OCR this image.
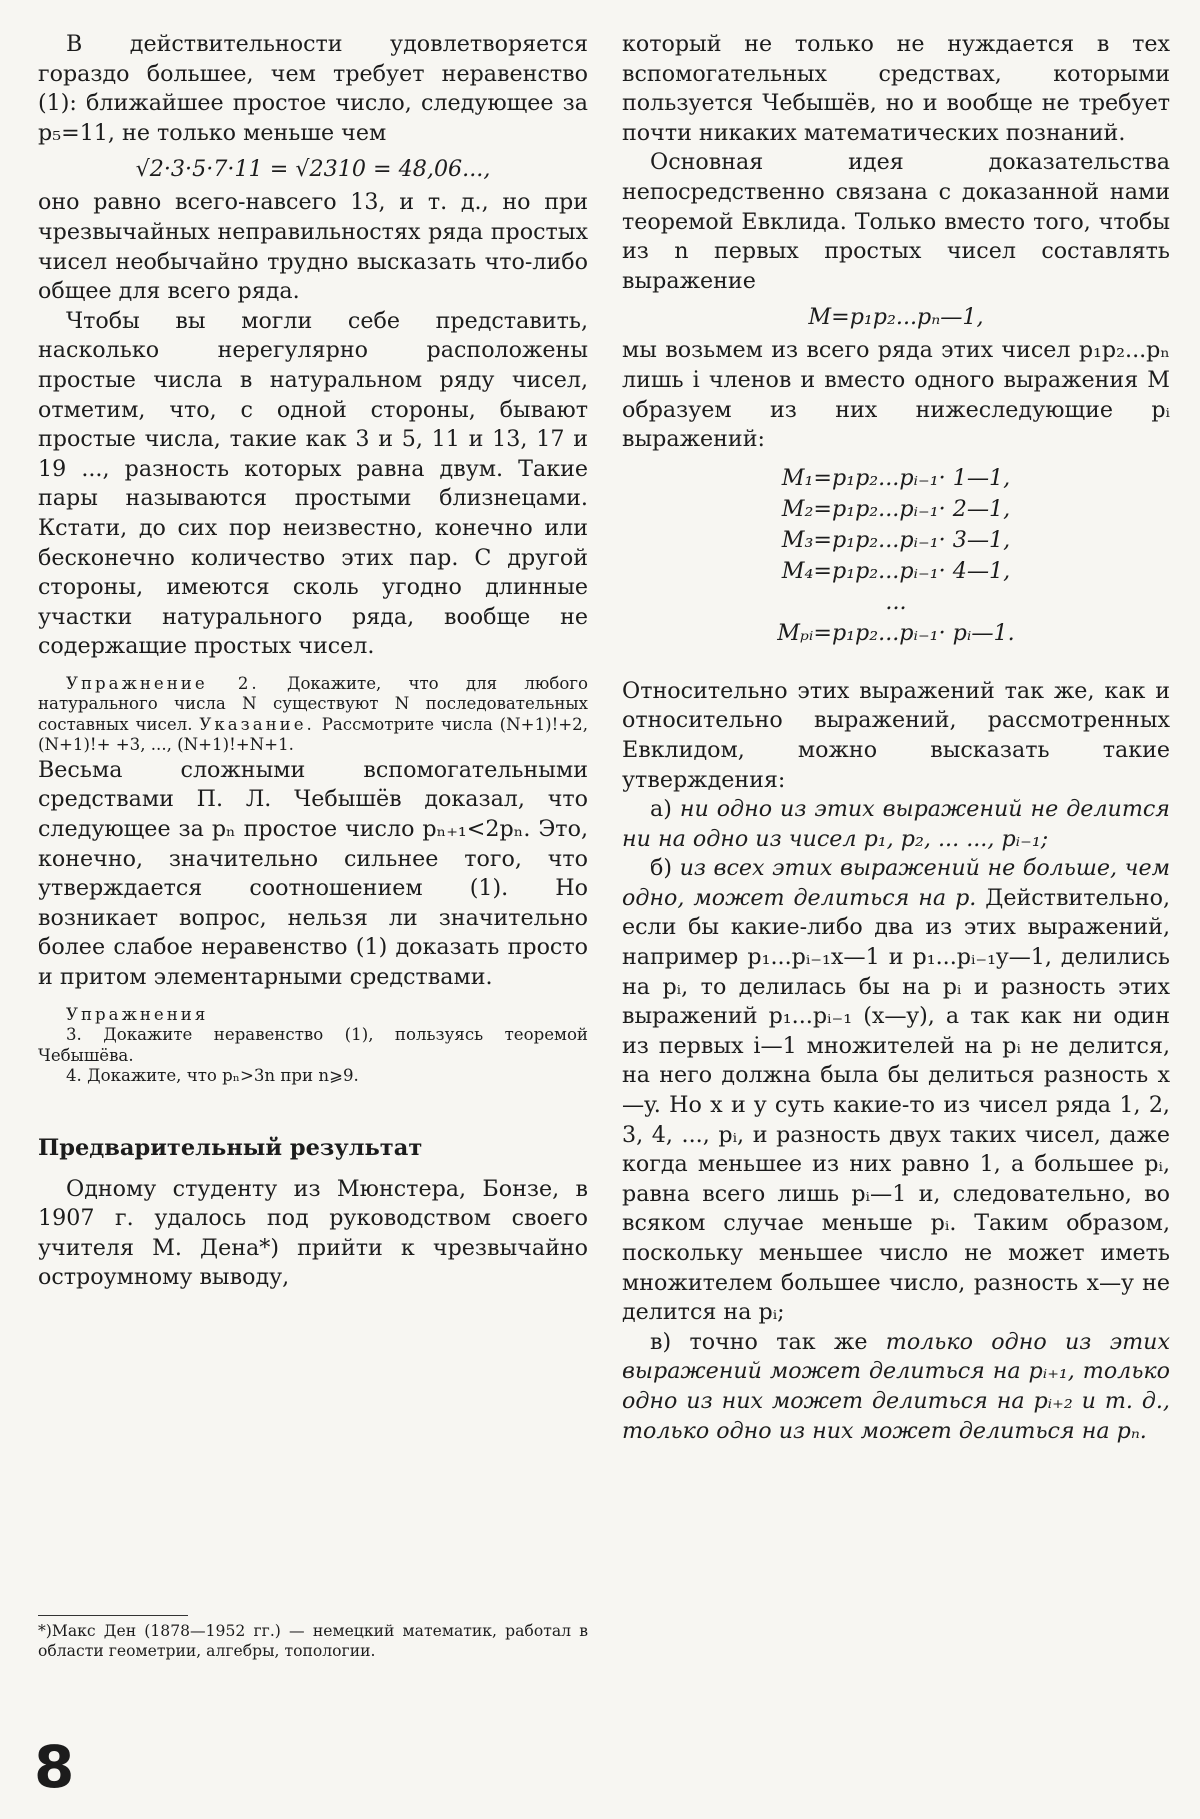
В действительности удовлетворяется гораздо большее, чем требует неравенство (1): ближайшее простое число, следующее за p₅=11, не только меньше чем

√2·3·5·7·11 = √2310 = 48,06...,

оно равно всего-навсего 13, и т. д., но при чрезвычайных неправильностях ряда простых чисел необычайно трудно высказать что-либо общее для всего ряда.

Чтобы вы могли себе представить, насколько нерегулярно расположены простые числа в натуральном ряду чисел, отметим, что, с одной стороны, бывают простые числа, такие как 3 и 5, 11 и 13, 17 и 19 ..., разность которых равна двум. Такие пары называются простыми близнецами. Кстати, до сих пор неизвестно, конечно или бесконечно количество этих пар. С другой стороны, имеются сколь угодно длинные участки натурального ряда, вообще не содержащие простых чисел.

Упражнение 2. Докажите, что для любого натурального числа N существуют N последовательных составных чисел. Указание. Рассмотрите числа (N+1)!+2, (N+1)!+ +3, ..., (N+1)!+N+1.

Весьма сложными вспомогательными средствами П. Л. Чебышёв доказал, что следующее за pₙ простое число pₙ₊₁<2pₙ. Это, конечно, значительно сильнее того, что утверждается соотношением (1). Но возникает вопрос, нельзя ли значительно более слабое неравенство (1) доказать просто и притом элементарными средствами.

Упражнения

3. Докажите неравенство (1), пользуясь теоремой Чебышёва.

4. Докажите, что pₙ>3n при n⩾9.

Предварительный результат

Одному студенту из Мюнстера, Бонзе, в 1907 г. удалось под руководством своего учителя М. Дена*) прийти к чрезвычайно остроумному выводу,

который не только не нуждается в тех вспомогательных средствах, которыми пользуется Чебышёв, но и вообще не требует почти никаких математических познаний.

Основная идея доказательства непосредственно связана с доказанной нами теоремой Евклида. Только вместо того, чтобы из n первых простых чисел составлять выражение

M=p₁p₂...pₙ—1,

мы возьмем из всего ряда этих чисел p₁p₂...pₙ лишь i членов и вместо одного выражения M образуем из них нижеследующие pᵢ выражений:

M₁=p₁p₂...pᵢ₋₁· 1—1,
M₂=p₁p₂...pᵢ₋₁· 2—1,
M₃=p₁p₂...pᵢ₋₁· 3—1,
M₄=p₁p₂...pᵢ₋₁· 4—1,
...
Mₚᵢ=p₁p₂...pᵢ₋₁· pᵢ—1.

Относительно этих выражений так же, как и относительно выражений, рассмотренных Евклидом, можно высказать такие утверждения:

а) ни одно из этих выражений не делится ни на одно из чисел p₁, p₂, ... ..., pᵢ₋₁;

б) из всех этих выражений не больше, чем одно, может делиться на p. Действительно, если бы какие-либо два из этих выражений, например p₁...pᵢ₋₁x—1 и p₁...pᵢ₋₁y—1, делились на pᵢ, то делилась бы на pᵢ и разность этих выражений p₁...pᵢ₋₁ (x—y), а так как ни один из первых i—1 множителей на pᵢ не делится, на него должна была бы делиться разность x—y. Но x и y суть какие-то из чисел ряда 1, 2, 3, 4, ..., pᵢ, и разность двух таких чисел, даже когда меньшее из них равно 1, а большее pᵢ, равна всего лишь pᵢ—1 и, следовательно, во всяком случае меньше pᵢ. Таким образом, поскольку меньшее число не может иметь множителем большее число, разность x—y не делится на pᵢ;

в) точно так же только одно из этих выражений может делиться на pᵢ₊₁, только одно из них может делиться на pᵢ₊₂ и т. д., только одно из них может делиться на pₙ.

*)Макс Ден (1878—1952 гг.) — немецкий математик, работал в области геометрии, алгебры, топологии.
8
